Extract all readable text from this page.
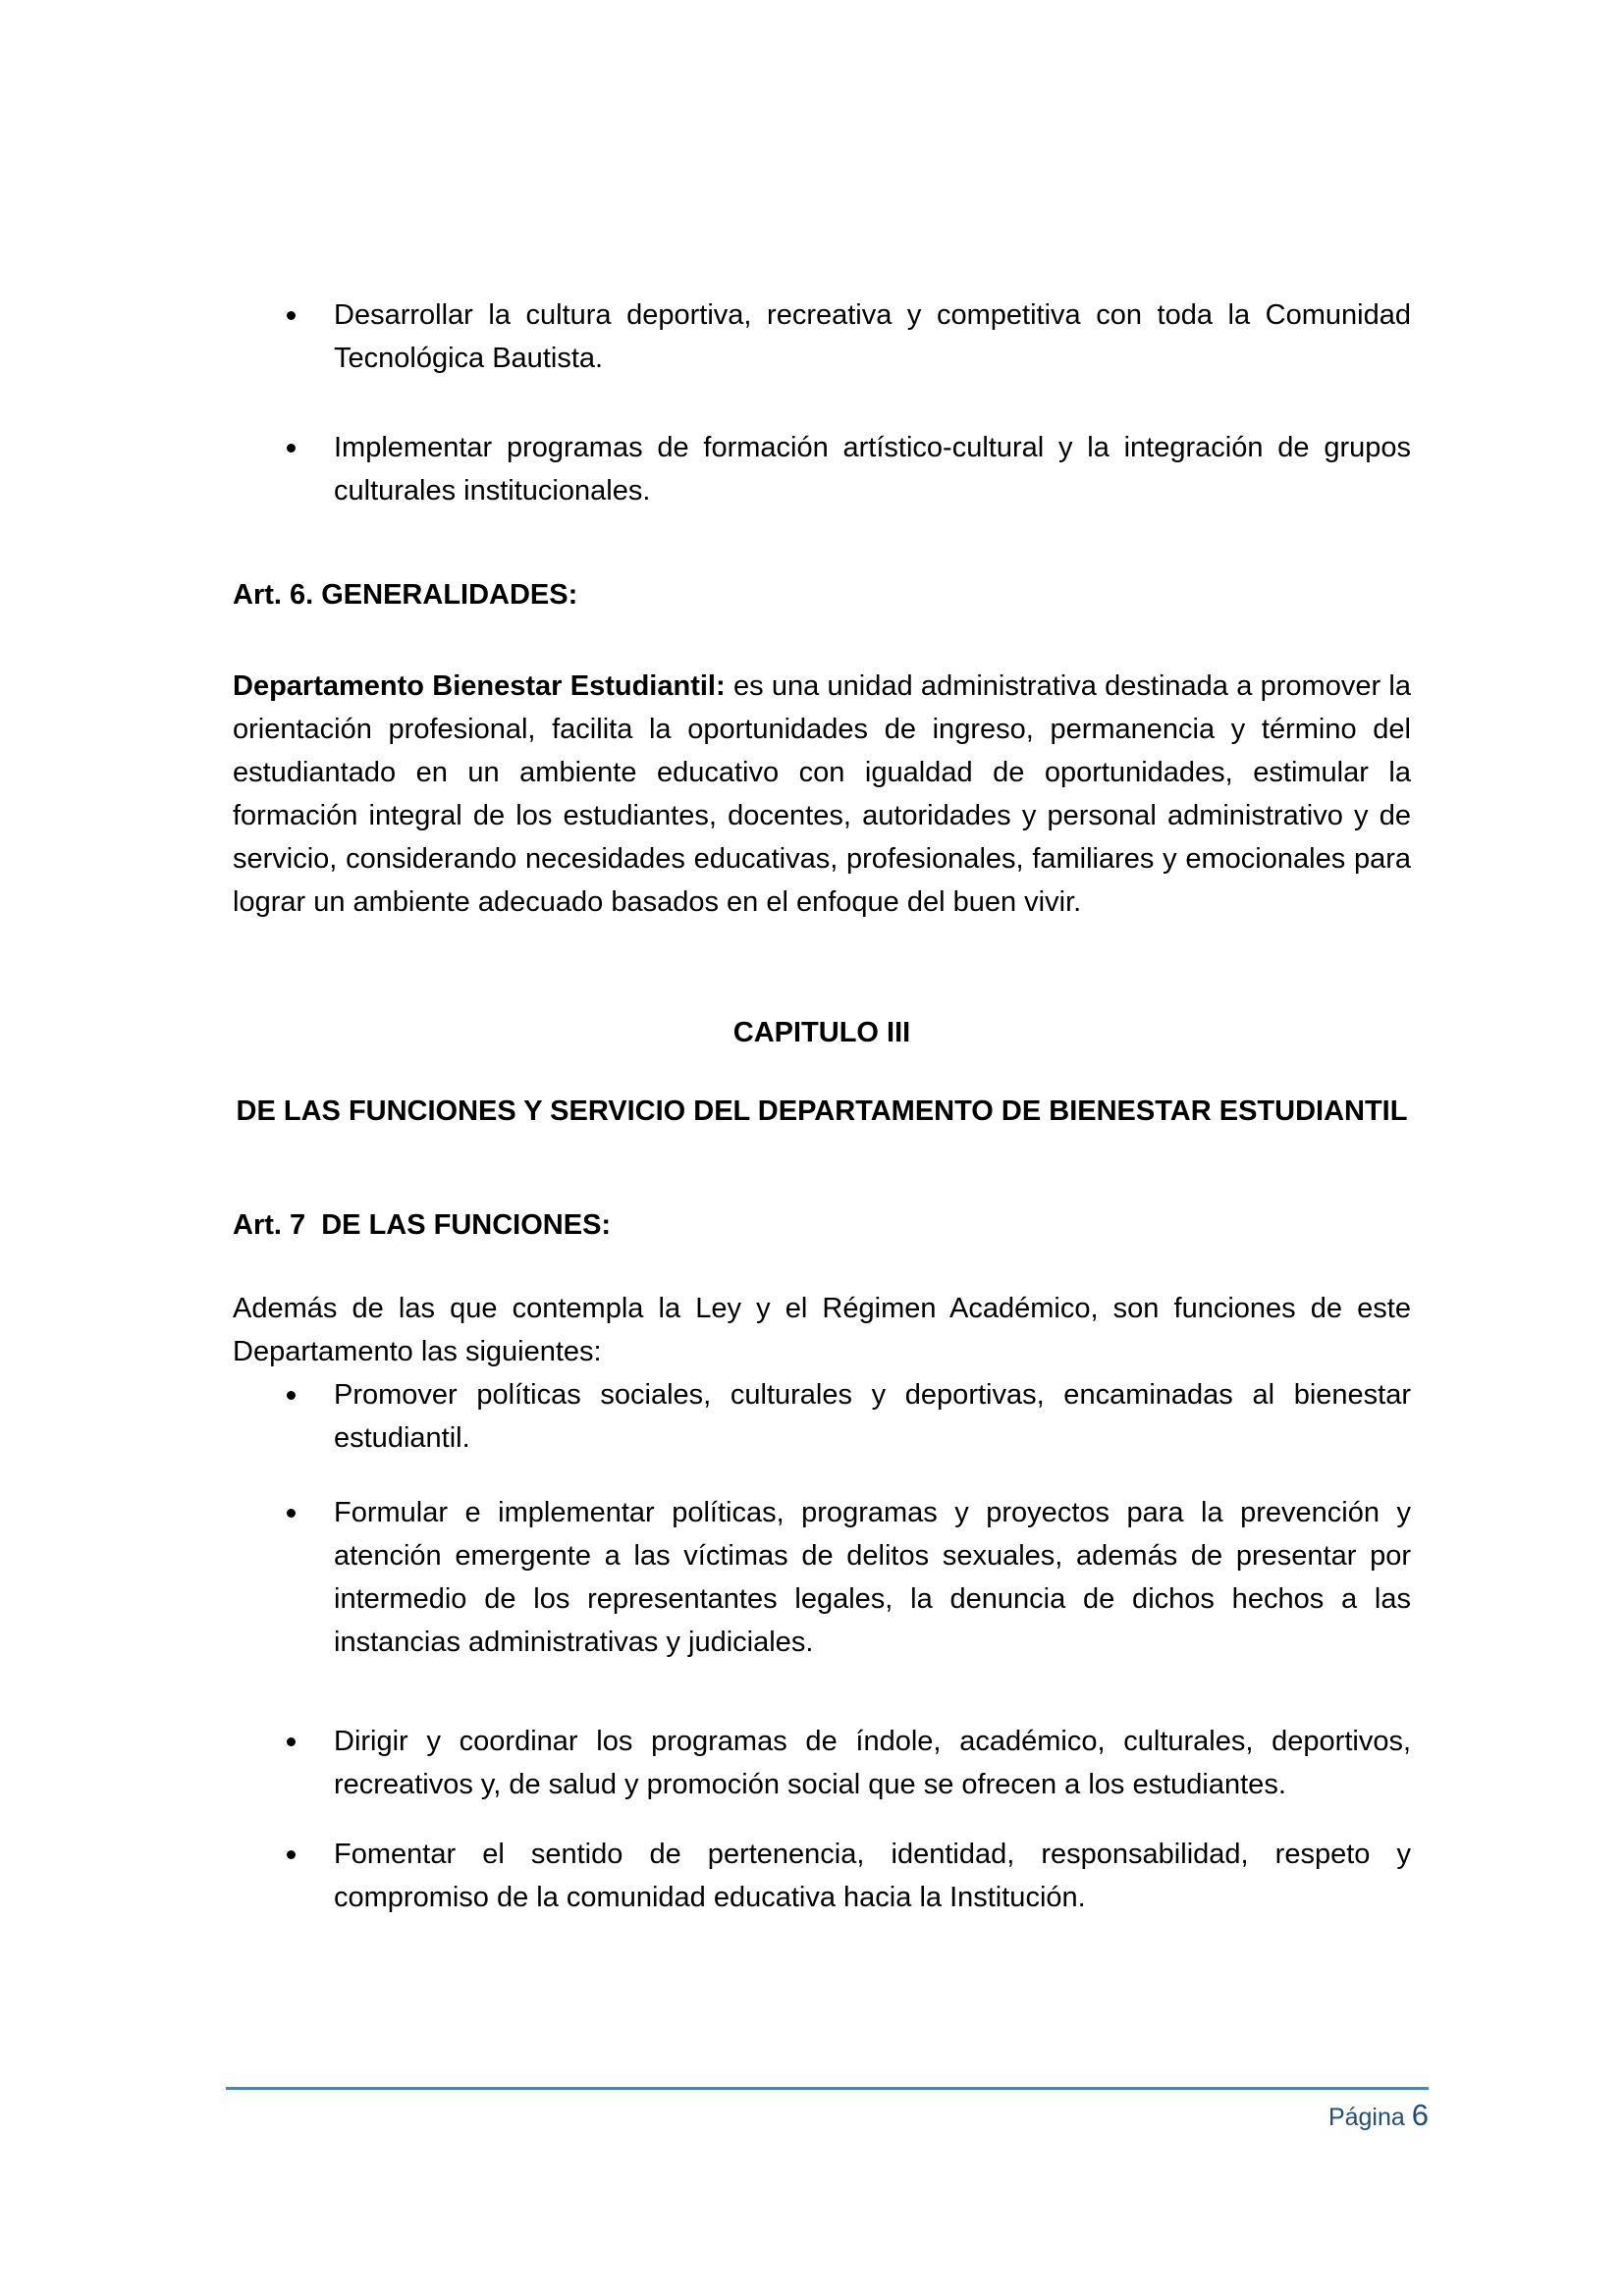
Desarrollar la cultura deportiva, recreativa y competitiva con toda la Comunidad Tecnológica Bautista.
Implementar programas de formación artístico-cultural y la integración de grupos culturales institucionales.
Art. 6. GENERALIDADES:

Departamento Bienestar Estudiantil: es una unidad administrativa destinada a promover la orientación profesional, facilita la oportunidades de ingreso, permanencia y término del estudiantado en un ambiente educativo con igualdad de oportunidades, estimular la formación integral de los estudiantes, docentes, autoridades y personal administrativo y de servicio, considerando necesidades educativas, profesionales, familiares y emocionales para lograr un ambiente adecuado basados en el enfoque del buen vivir.

CAPITULO III
DE LAS FUNCIONES Y SERVICIO DEL DEPARTAMENTO DE BIENESTAR ESTUDIANTIL
Art. 7  DE LAS FUNCIONES:

Además de las que contempla la Ley y el Régimen Académico, son funciones de este Departamento las siguientes:

Promover políticas sociales, culturales y deportivas, encaminadas al bienestar estudiantil.
Formular e implementar políticas, programas y proyectos para la prevención y atención emergente a las víctimas de delitos sexuales, además de presentar por intermedio de los representantes legales, la denuncia de dichos hechos a las instancias administrativas y judiciales.
Dirigir y coordinar los programas de índole, académico, culturales, deportivos, recreativos y, de salud y promoción social que se ofrecen a los estudiantes.
Fomentar el sentido de pertenencia, identidad, responsabilidad, respeto y compromiso de la comunidad educativa hacia la Institución.
Página 6
